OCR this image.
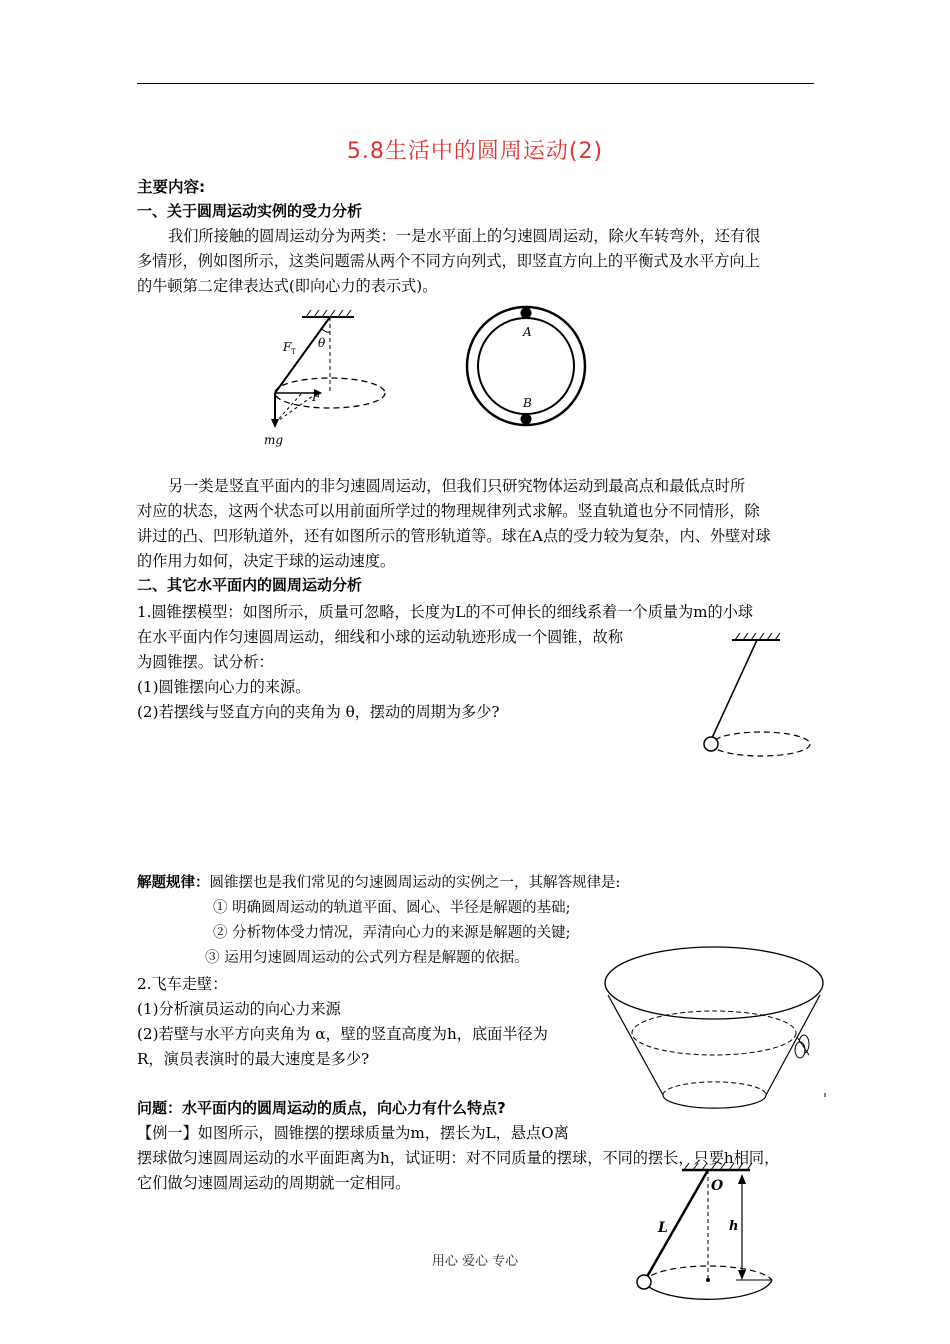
5.8生活中的圆周运动(2)
主要内容:
一、关于圆周运动实例的受力分析
我们所接触的圆周运动分为两类：一是水平面上的匀速圆周运动，除火车转弯外，还有很
多情形，例如图所示，这类问题需从两个不同方向列式，即竖直方向上的平衡式及水平方向上
的牛顿第二定律表达式(即向心力的表示式)。
F T
θ
F
mg
A
B
另一类是竖直平面内的非匀速圆周运动，但我们只研究物体运动到最高点和最低点时所
对应的状态，这两个状态可以用前面所学过的物理规律列式求解。竖直轨道也分不同情形，除
讲过的凸、凹形轨道外，还有如图所示的管形轨道等。球在A点的受力较为复杂，内、外壁对球
的作用力如何，决定于球的运动速度。
二、其它水平面内的圆周运动分析
1.圆锥摆模型：如图所示，质量可忽略，长度为L的不可伸长的细线系着一个质量为m的小球
在水平面内作匀速圆周运动，细线和小球的运动轨迹形成一个圆锥，故称
为圆锥摆。试分析：
(1)圆锥摆向心力的来源。
(2)若摆线与竖直方向的夹角为 θ，摆动的周期为多少?
解题规律：圆锥摆也是我们常见的匀速圆周运动的实例之一，其解答规律是:
① 明确圆周运动的轨道平面、圆心、半径是解题的基础;
② 分析物体受力情况，弄清向心力的来源是解题的关键;
③ 运用匀速圆周运动的公式列方程是解题的依据。
2.飞车走壁：
(1)分析演员运动的向心力来源
(2)若壁与水平方向夹角为 α，壁的竖直高度为h，底面半径为
R，演员表演时的最大速度是多少?
问题：水平面内的圆周运动的质点，向心力有什么特点?
【例一】如图所示，圆锥摆的摆球质量为m，摆长为L，悬点O离
摆球做匀速圆周运动的水平面距离为h，试证明：对不同质量的摆球，不同的摆长，只要h相同，
它们做匀速圆周运动的周期就一定相同。	O
L	h
用心 爱心 专心
